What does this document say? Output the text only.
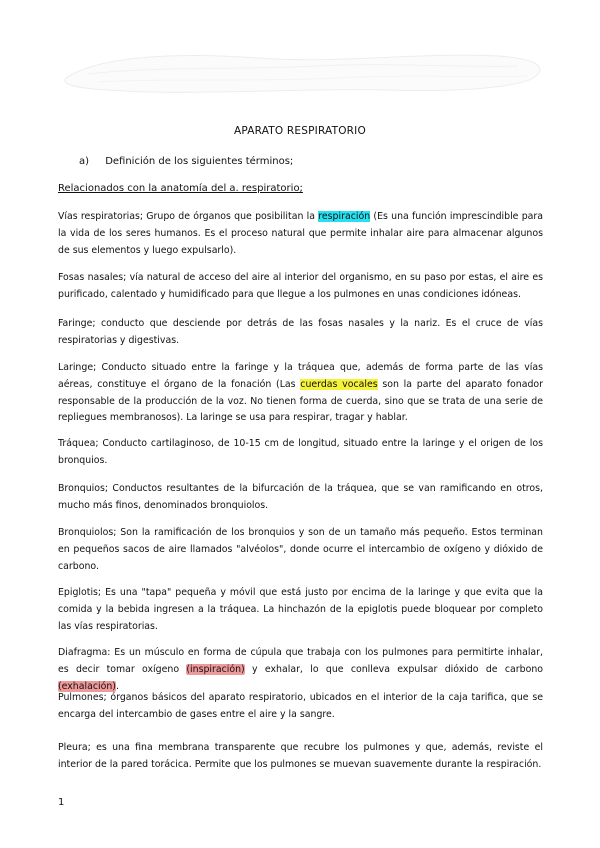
APARATO RESPIRATORIO
a) Definición de los siguientes términos;
Relacionados con la anatomía del a. respiratorio;

Vías respiratorias; Grupo de órganos que posibilitan la respiración (Es una función imprescindible para la vida de los seres humanos. Es el proceso natural que permite inhalar aire para almacenar algunos de sus elementos y luego expulsarlo).

Fosas nasales; vía natural de acceso del aire al interior del organismo, en su paso por estas, el aire es purificado, calentado y humidificado para que llegue a los pulmones en unas condiciones idóneas.

Faringe; conducto que desciende por detrás de las fosas nasales y la nariz. Es el cruce de vías respiratorias y digestivas.

Laringe; Conducto situado entre la faringe y la tráquea que, además de forma parte de las vías aéreas, constituye el órgano de la fonación (Las cuerdas vocales son la parte del aparato fonador responsable de la producción de la voz. No tienen forma de cuerda, sino que se trata de una serie de repliegues membranosos). La laringe se usa para respirar, tragar y hablar.

Tráquea; Conducto cartilaginoso, de 10-15 cm de longitud, situado entre la laringe y el origen de los bronquios.

Bronquios; Conductos resultantes de la bifurcación de la tráquea, que se van ramificando en otros, mucho más finos, denominados bronquiolos.

Bronquiolos; Son la ramificación de los bronquios y son de un tamaño más pequeño. Estos terminan en pequeños sacos de aire llamados "alvéolos", donde ocurre el intercambio de oxígeno y dióxido de carbono.

Epiglotis; Es una "tapa" pequeña y móvil que está justo por encima de la laringe y que evita que la comida y la bebida ingresen a la tráquea. La hinchazón de la epiglotis puede bloquear por completo las vías respiratorias.

Diafragma: Es un músculo en forma de cúpula que trabaja con los pulmones para permitirte inhalar, es decir tomar oxígeno (inspiración) y exhalar, lo que conlleva expulsar dióxido de carbono (exhalación).

Pulmones; órganos básicos del aparato respiratorio, ubicados en el interior de la caja tarifica, que se encarga del intercambio de gases entre el aire y la sangre.

Pleura; es una fina membrana transparente que recubre los pulmones y que, además, reviste el interior de la pared torácica. Permite que los pulmones se muevan suavemente durante la respiración.

1
